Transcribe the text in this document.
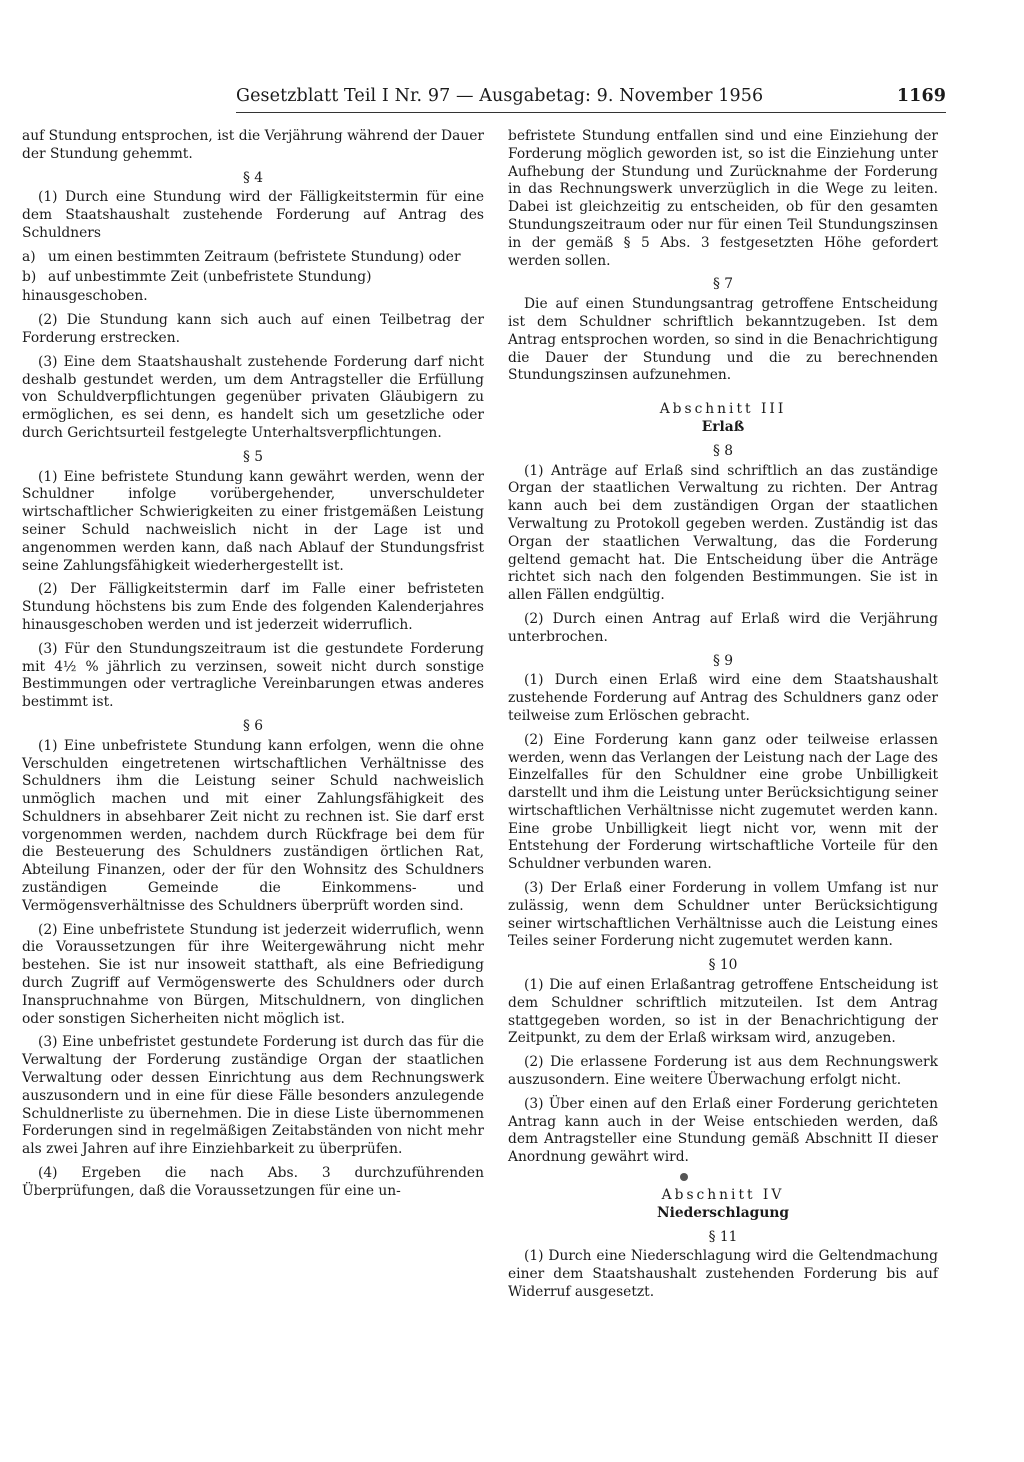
Gesetzblatt Teil I Nr. 97 — Ausgabetag: 9. November 1956	1169

auf Stundung entsprochen, ist die Verjährung während der Dauer der Stundung gehemmt.

§ 4

(1) Durch eine Stundung wird der Fälligkeitstermin für eine dem Staatshaushalt zustehende Forderung auf Antrag des Schuldners

a) um einen bestimmten Zeitraum (befristete Stundung) oder

b) auf unbestimmte Zeit (unbefristete Stundung)

hinausgeschoben.

(2) Die Stundung kann sich auch auf einen Teilbetrag der Forderung erstrecken.

(3) Eine dem Staatshaushalt zustehende Forderung darf nicht deshalb gestundet werden, um dem Antragsteller die Erfüllung von Schuldverpflichtungen gegenüber privaten Gläubigern zu ermöglichen, es sei denn, es handelt sich um gesetzliche oder durch Gerichtsurteil festgelegte Unterhaltsverpflichtungen.

§ 5

(1) Eine befristete Stundung kann gewährt werden, wenn der Schuldner infolge vorübergehender, unverschuldeter wirtschaftlicher Schwierigkeiten zu einer fristgemäßen Leistung seiner Schuld nachweislich nicht in der Lage ist und angenommen werden kann, daß nach Ablauf der Stundungsfrist seine Zahlungsfähigkeit wiederhergestellt ist.

(2) Der Fälligkeitstermin darf im Falle einer befristeten Stundung höchstens bis zum Ende des folgenden Kalenderjahres hinausgeschoben werden und ist jederzeit widerruflich.

(3) Für den Stundungszeitraum ist die gestundete Forderung mit 4½ % jährlich zu verzinsen, soweit nicht durch sonstige Bestimmungen oder vertragliche Vereinbarungen etwas anderes bestimmt ist.

§ 6

(1) Eine unbefristete Stundung kann erfolgen, wenn die ohne Verschulden eingetretenen wirtschaftlichen Verhältnisse des Schuldners ihm die Leistung seiner Schuld nachweislich unmöglich machen und mit einer Zahlungsfähigkeit des Schuldners in absehbarer Zeit nicht zu rechnen ist. Sie darf erst vorgenommen werden, nachdem durch Rückfrage bei dem für die Besteuerung des Schuldners zuständigen örtlichen Rat, Abteilung Finanzen, oder der für den Wohnsitz des Schuldners zuständigen Gemeinde die Einkommens- und Vermögensverhältnisse des Schuldners überprüft worden sind.

(2) Eine unbefristete Stundung ist jederzeit widerruflich, wenn die Voraussetzungen für ihre Weitergewährung nicht mehr bestehen. Sie ist nur insoweit statthaft, als eine Befriedigung durch Zugriff auf Vermögenswerte des Schuldners oder durch Inanspruchnahme von Bürgen, Mitschuldnern, von dinglichen oder sonstigen Sicherheiten nicht möglich ist.

(3) Eine unbefristet gestundete Forderung ist durch das für die Verwaltung der Forderung zuständige Organ der staatlichen Verwaltung oder dessen Einrichtung aus dem Rechnungswerk auszusondern und in eine für diese Fälle besonders anzulegende Schuldnerliste zu übernehmen. Die in diese Liste übernommenen Forderungen sind in regelmäßigen Zeitabständen von nicht mehr als zwei Jahren auf ihre Einziehbarkeit zu überprüfen.

(4) Ergeben die nach Abs. 3 durchzuführenden Überprüfungen, daß die Voraussetzungen für eine un-

befristete Stundung entfallen sind und eine Einziehung der Forderung möglich geworden ist, so ist die Einziehung unter Aufhebung der Stundung und Zurücknahme der Forderung in das Rechnungswerk unverzüglich in die Wege zu leiten. Dabei ist gleichzeitig zu entscheiden, ob für den gesamten Stundungszeitraum oder nur für einen Teil Stundungszinsen in der gemäß § 5 Abs. 3 festgesetzten Höhe gefordert werden sollen.

§ 7

Die auf einen Stundungsantrag getroffene Entscheidung ist dem Schuldner schriftlich bekanntzugeben. Ist dem Antrag entsprochen worden, so sind in die Benachrichtigung die Dauer der Stundung und die zu berechnenden Stundungszinsen aufzunehmen.

Abschnitt III
Erlaß
§ 8

(1) Anträge auf Erlaß sind schriftlich an das zuständige Organ der staatlichen Verwaltung zu richten. Der Antrag kann auch bei dem zuständigen Organ der staatlichen Verwaltung zu Protokoll gegeben werden. Zuständig ist das Organ der staatlichen Verwaltung, das die Forderung geltend gemacht hat. Die Entscheidung über die Anträge richtet sich nach den folgenden Bestimmungen. Sie ist in allen Fällen endgültig.

(2) Durch einen Antrag auf Erlaß wird die Verjährung unterbrochen.

§ 9

(1) Durch einen Erlaß wird eine dem Staatshaushalt zustehende Forderung auf Antrag des Schuldners ganz oder teilweise zum Erlöschen gebracht.

(2) Eine Forderung kann ganz oder teilweise erlassen werden, wenn das Verlangen der Leistung nach der Lage des Einzelfalles für den Schuldner eine grobe Unbilligkeit darstellt und ihm die Leistung unter Berücksichtigung seiner wirtschaftlichen Verhältnisse nicht zugemutet werden kann. Eine grobe Unbilligkeit liegt nicht vor, wenn mit der Entstehung der Forderung wirtschaftliche Vorteile für den Schuldner verbunden waren.

(3) Der Erlaß einer Forderung in vollem Umfang ist nur zulässig, wenn dem Schuldner unter Berücksichtigung seiner wirtschaftlichen Verhältnisse auch die Leistung eines Teiles seiner Forderung nicht zugemutet werden kann.

§ 10

(1) Die auf einen Erlaßantrag getroffene Entscheidung ist dem Schuldner schriftlich mitzuteilen. Ist dem Antrag stattgegeben worden, so ist in der Benachrichtigung der Zeitpunkt, zu dem der Erlaß wirksam wird, anzugeben.

(2) Die erlassene Forderung ist aus dem Rechnungswerk auszusondern. Eine weitere Überwachung erfolgt nicht.

(3) Über einen auf den Erlaß einer Forderung gerichteten Antrag kann auch in der Weise entschieden werden, daß dem Antragsteller eine Stundung gemäß Abschnitt II dieser Anordnung gewährt wird.

Abschnitt IV
Niederschlagung
§ 11

(1) Durch eine Niederschlagung wird die Geltendmachung einer dem Staatshaushalt zustehenden Forderung bis auf Widerruf ausgesetzt.
